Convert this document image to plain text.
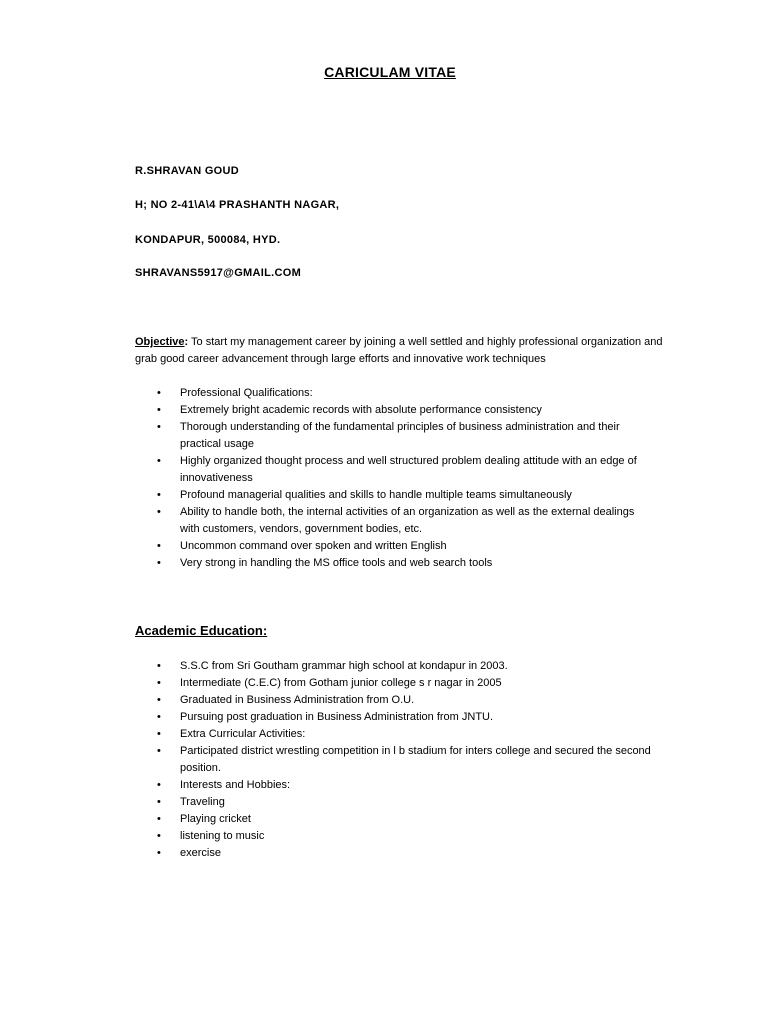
CARICULAM VITAE
R.SHRAVAN GOUD
H; NO 2-41\A\4 PRASHANTH NAGAR,
KONDAPUR, 500084, HYD.
SHRAVANS5917@GMAIL.COM
Objective: To start my management career by joining a well settled and highly professional organization and grab good career advancement through large efforts and innovative work techniques
• Professional Qualifications:
• Extremely bright academic records with absolute performance consistency
• Thorough understanding of the fundamental principles of business administration and their practical usage
• Highly organized thought process and well structured problem dealing attitude with an edge of innovativeness
• Profound managerial qualities and skills to handle multiple teams simultaneously
• Ability to handle both, the internal activities of an organization as well as the external dealings with customers, vendors, government bodies, etc.
• Uncommon command over spoken and written English
• Very strong in handling the MS office tools and web search tools
Academic Education:
• S.S.C from Sri Goutham grammar high school at kondapur in 2003.
• Intermediate (C.E.C) from Gotham junior college s r nagar in 2005
• Graduated in Business Administration from O.U.
• Pursuing post graduation in Business Administration from JNTU.
• Extra Curricular Activities:
• Participated district wrestling competition in l b stadium for inters college and secured the second position.
• Interests and Hobbies:
• Traveling
• Playing cricket
• listening to music
• exercise
